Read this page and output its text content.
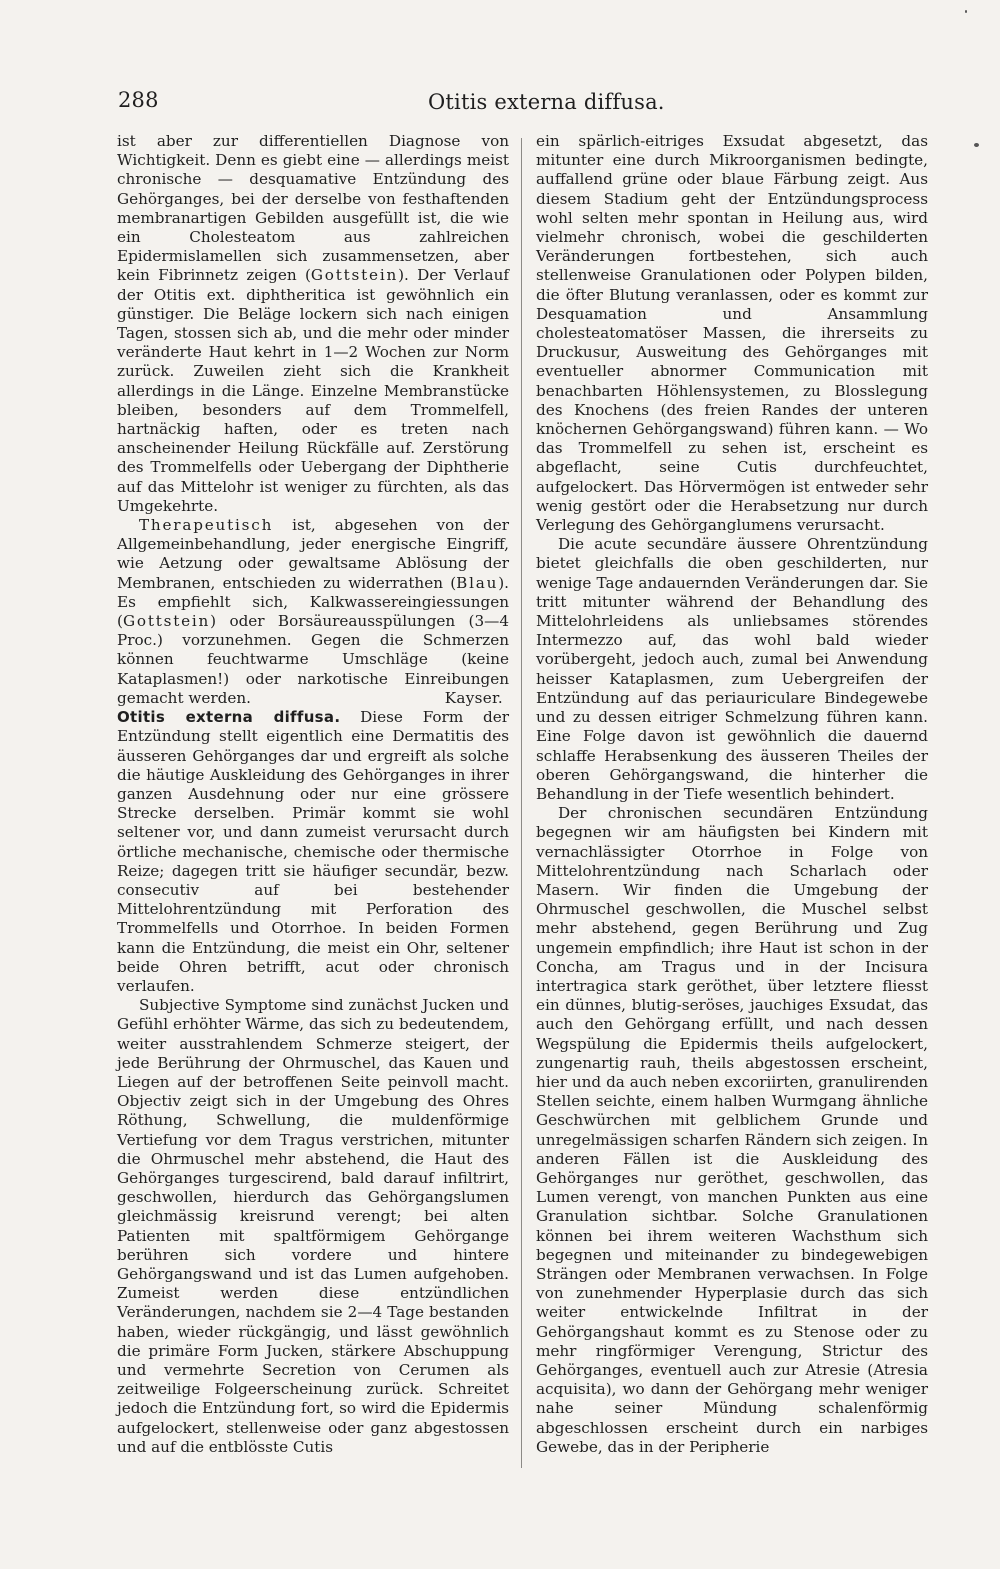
288	Otitis externa diffusa.

ist aber zur differentiellen Diagnose von Wichtigkeit. Denn es giebt eine — allerdings meist chronische — desquamative Entzündung des Gehörganges, bei der derselbe von festhaftenden membranartigen Gebilden ausgefüllt ist, die wie ein Cholesteatom aus zahlreichen Epidermislamellen sich zusammensetzen, aber kein Fibrinnetz zeigen (Gottstein). Der Verlauf der Otitis ext. diphtheritica ist gewöhnlich ein günstiger. Die Beläge lockern sich nach einigen Tagen, stossen sich ab, und die mehr oder minder veränderte Haut kehrt in 1—2 Wochen zur Norm zurück. Zuweilen zieht sich die Krankheit allerdings in die Länge. Einzelne Membranstücke bleiben, besonders auf dem Trommelfell, hartnäckig haften, oder es treten nach anscheinender Heilung Rückfälle auf. Zerstörung des Trommelfells oder Uebergang der Diphtherie auf das Mittelohr ist weniger zu fürchten, als das Umgekehrte.

Therapeutisch ist, abgesehen von der Allgemeinbehandlung, jeder energische Eingriff, wie Aetzung oder gewaltsame Ablösung der Membranen, entschieden zu widerrathen (Blau). Es empfiehlt sich, Kalkwassereingiessungen (Gottstein) oder Borsäureausspülungen (3—4 Proc.) vorzunehmen. Gegen die Schmerzen können feuchtwarme Umschläge (keine Kataplasmen!) oder narkotische Einreibungen gemacht werden.	Kayser.

Otitis externa diffusa. Diese Form der Entzündung stellt eigentlich eine Dermatitis des äusseren Gehörganges dar und ergreift als solche die häutige Auskleidung des Gehörganges in ihrer ganzen Ausdehnung oder nur eine grössere Strecke derselben. Primär kommt sie wohl seltener vor, und dann zumeist verursacht durch örtliche mechanische, chemische oder thermische Reize; dagegen tritt sie häufiger secundär, bezw. consecutiv auf bei bestehender Mittelohrentzündung mit Perforation des Trommelfells und Otorrhoe. In beiden Formen kann die Entzündung, die meist ein Ohr, seltener beide Ohren betrifft, acut oder chronisch verlaufen.

Subjective Symptome sind zunächst Jucken und Gefühl erhöhter Wärme, das sich zu bedeutendem, weiter ausstrahlendem Schmerze steigert, der jede Berührung der Ohrmuschel, das Kauen und Liegen auf der betroffenen Seite peinvoll macht. Objectiv zeigt sich in der Umgebung des Ohres Röthung, Schwellung, die muldenförmige Vertiefung vor dem Tragus verstrichen, mitunter die Ohrmuschel mehr abstehend, die Haut des Gehörganges turgescirend, bald darauf infiltrirt, geschwollen, hierdurch das Gehörgangslumen gleichmässig kreisrund verengt; bei alten Patienten mit spaltförmigem Gehörgange berühren sich vordere und hintere Gehörgangswand und ist das Lumen aufgehoben. Zumeist werden diese entzündlichen Veränderungen, nachdem sie 2—4 Tage bestanden haben, wieder rückgängig, und lässt gewöhnlich die primäre Form Jucken, stärkere Abschuppung und vermehrte Secretion von Cerumen als zeitweilige Folgeerscheinung zurück. Schreitet jedoch die Entzündung fort, so wird die Epidermis aufgelockert, stellenweise oder ganz abgestossen und auf die entblösste Cutis

ein spärlich-eitriges Exsudat abgesetzt, das mitunter eine durch Mikroorganismen bedingte, auffallend grüne oder blaue Färbung zeigt. Aus diesem Stadium geht der Entzündungsprocess wohl selten mehr spontan in Heilung aus, wird vielmehr chronisch, wobei die geschilderten Veränderungen fortbestehen, sich auch stellenweise Granulationen oder Polypen bilden, die öfter Blutung veranlassen, oder es kommt zur Desquamation und Ansammlung cholesteatomatöser Massen, die ihrerseits zu Druckusur, Ausweitung des Gehörganges mit eventueller abnormer Communication mit benachbarten Höhlensystemen, zu Blosslegung des Knochens (des freien Randes der unteren knöchernen Gehörgangswand) führen kann. — Wo das Trommelfell zu sehen ist, erscheint es abgeflacht, seine Cutis durchfeuchtet, aufgelockert. Das Hörvermögen ist entweder sehr wenig gestört oder die Herabsetzung nur durch Verlegung des Gehörganglumens verursacht.

Die acute secundäre äussere Ohrentzündung bietet gleichfalls die oben geschilderten, nur wenige Tage andauernden Veränderungen dar. Sie tritt mitunter während der Behandlung des Mittelohrleidens als unliebsames störendes Intermezzo auf, das wohl bald wieder vorübergeht, jedoch auch, zumal bei Anwendung heisser Kataplasmen, zum Uebergreifen der Entzündung auf das periauriculare Bindegewebe und zu dessen eitriger Schmelzung führen kann. Eine Folge davon ist gewöhnlich die dauernd schlaffe Herabsenkung des äusseren Theiles der oberen Gehörgangswand, die hinterher die Behandlung in der Tiefe wesentlich behindert.

Der chronischen secundären Entzündung begegnen wir am häufigsten bei Kindern mit vernachlässigter Otorrhoe in Folge von Mittelohrentzündung nach Scharlach oder Masern. Wir finden die Umgebung der Ohrmuschel geschwollen, die Muschel selbst mehr abstehend, gegen Berührung und Zug ungemein empfindlich; ihre Haut ist schon in der Concha, am Tragus und in der Incisura intertragica stark geröthet, über letztere fliesst ein dünnes, blutig-seröses, jauchiges Exsudat, das auch den Gehörgang erfüllt, und nach dessen Wegspülung die Epidermis theils aufgelockert, zungenartig rauh, theils abgestossen erscheint, hier und da auch neben excoriirten, granulirenden Stellen seichte, einem halben Wurmgang ähnliche Geschwürchen mit gelblichem Grunde und unregelmässigen scharfen Rändern sich zeigen. In anderen Fällen ist die Auskleidung des Gehörganges nur geröthet, geschwollen, das Lumen verengt, von manchen Punkten aus eine Granulation sichtbar. Solche Granulationen können bei ihrem weiteren Wachsthum sich begegnen und miteinander zu bindegewebigen Strängen oder Membranen verwachsen. In Folge von zunehmender Hyperplasie durch das sich weiter entwickelnde Infiltrat in der Gehörgangshaut kommt es zu Stenose oder zu mehr ringförmiger Verengung, Strictur des Gehörganges, eventuell auch zur Atresie (Atresia acquisita), wo dann der Gehörgang mehr weniger nahe seiner Mündung schalenförmig abgeschlossen erscheint durch ein narbiges Gewebe, das in der Peripherie
